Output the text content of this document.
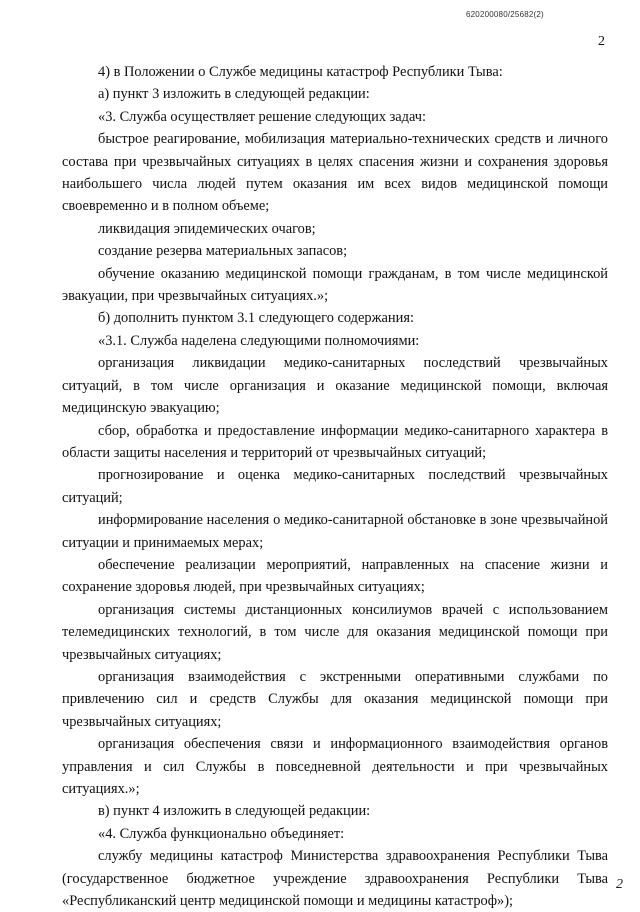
620200080/25682(2)
2

4) в Положении о Службе медицины катастроф Республики Тыва:

а) пункт 3 изложить в следующей редакции:

«3. Служба осуществляет решение следующих задач:

быстрое реагирование, мобилизация материально-технических средств и личного состава при чрезвычайных ситуациях в целях спасения жизни и сохранения здоровья наибольшего числа людей путем оказания им всех видов медицинской помощи своевременно и в полном объеме;

ликвидация эпидемических очагов;

создание резерва материальных запасов;

обучение оказанию медицинской помощи гражданам, в том числе медицинской эвакуации, при чрезвычайных ситуациях.»;

б) дополнить пунктом 3.1 следующего содержания:

«3.1. Служба наделена следующими полномочиями:

организация ликвидации медико-санитарных последствий чрезвычайных ситуаций, в том числе организация и оказание медицинской помощи, включая медицинскую эвакуацию;

сбор, обработка и предоставление информации медико-санитарного характера в области защиты населения и территорий от чрезвычайных ситуаций;

прогнозирование и оценка медико-санитарных последствий чрезвычайных ситуаций;

информирование населения о медико-санитарной обстановке в зоне чрезвычайной ситуации и принимаемых мерах;

обеспечение реализации мероприятий, направленных на спасение жизни и сохранение здоровья людей, при чрезвычайных ситуациях;

организация системы дистанционных консилиумов врачей с использованием телемедицинских технологий, в том числе для оказания медицинской помощи при чрезвычайных ситуациях;

организация взаимодействия с экстренными оперативными службами по привлечению сил и средств Службы для оказания медицинской помощи при чрезвычайных ситуациях;

организация обеспечения связи и информационного взаимодействия органов управления и сил Службы в повседневной деятельности и при чрезвычайных ситуациях.»;

в) пункт 4 изложить в следующей редакции:

«4. Служба функционально объединяет:

службу медицины катастроф Министерства здравоохранения Республики Тыва (государственное бюджетное учреждение здравоохранения Республики Тыва «Республиканский центр медицинской помощи и медицины катастроф»);

2
